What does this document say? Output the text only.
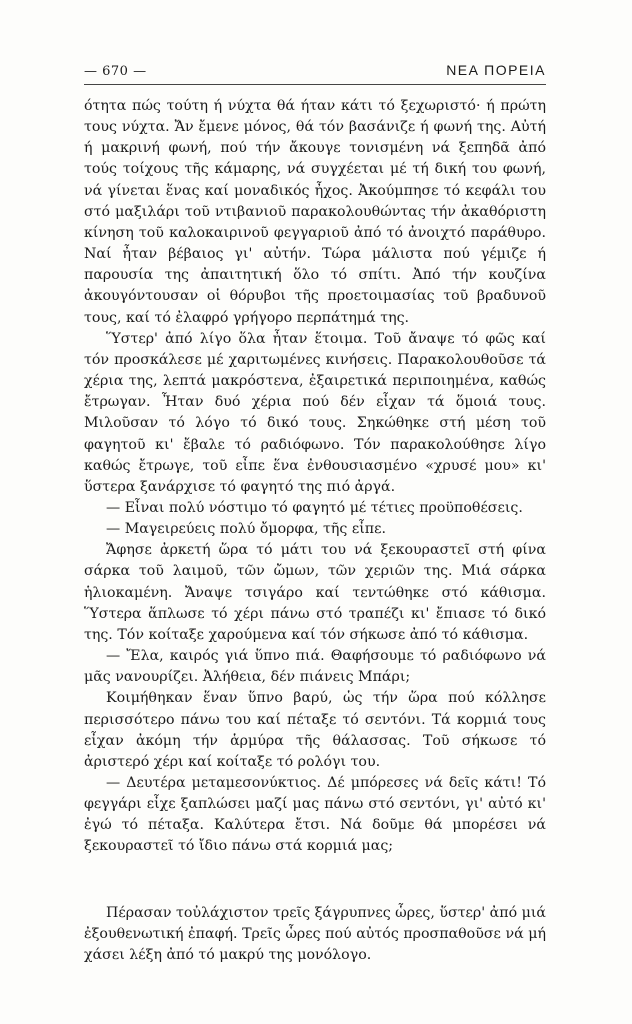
— 670 —	ΝΕΑ ΠΟΡΕΙΑ

ότητα πώς τούτη ή νύχτα θά ήταν κάτι τό ξεχωριστό· ή πρώτη τους νύχτα. Ἄν ἔμενε μόνος, θά τόν βασάνιζε ή φωνή της. Αὐτή ή μακρινή φωνή, πού τήν ἄκουγε τονισμένη νά ξεπηδᾶ ἀπό τούς τοίχους τῆς κάμαρης, νά συγχέεται μέ τή δική του φωνή, νά γίνεται ἕνας καί μοναδικός ἦχος. Ἀκούμπησε τό κεφάλι του στό μαξιλάρι τοῦ ντιβανιοῦ παρακολουθώντας τήν ἀκαθόριστη κίνηση τοῦ καλοκαιρινοῦ φεγγαριοῦ ἀπό τό ἀνοιχτό παράθυρο. Ναί ἦταν βέβαιος γι' αὐτήν. Τώρα μάλιστα πού γέμιζε ή παρουσία της ἀπαιτητική ὅλο τό σπίτι. Ἀπό τήν κουζίνα ἀκουγόντουσαν οἱ θόρυβοι τῆς προετοιμασίας τοῦ βραδυνοῦ τους, καί τό ἐλαφρό γρήγορο περπάτημά της.

Ὕστερ' ἀπό λίγο ὅλα ἦταν ἕτοιμα. Τοῦ ἄναψε τό φῶς καί τόν προσκάλεσε μέ χαριτωμένες κινήσεις. Παρακολουθοῦσε τά χέρια της, λεπτά μακρόστενα, ἐξαιρετικά περιποιημένα, καθώς ἔτρωγαν. Ἦταν δυό χέρια πού δέν εἶχαν τά ὅμοιά τους. Μιλοῦσαν τό λόγο τό δικό τους. Σηκώθηκε στή μέση τοῦ φαγητοῦ κι' ἔβαλε τό ραδιόφωνο. Τόν παρακολούθησε λίγο καθώς ἔτρωγε, τοῦ εἶπε ἕνα ἐνθουσιασμένο «χρυσέ μου» κι' ὕστερα ξανάρχισε τό φαγητό της πιό ἀργά.

— Εἶναι πολύ νόστιμο τό φαγητό μέ τέτιες προϋποθέσεις.

— Μαγειρεύεις πολύ ὄμορφα, τῆς εἶπε.

Ἄφησε ἀρκετή ὥρα τό μάτι του νά ξεκουραστεῖ στή φίνα σάρκα τοῦ λαιμοῦ, τῶν ὤμων, τῶν χεριῶν της. Μιά σάρκα ἡλιοκαμένη. Ἄναψε τσιγάρο καί τεντώθηκε στό κάθισμα. Ὕστερα ἅπλωσε τό χέρι πάνω στό τραπέζι κι' ἔπιασε τό δικό της. Τόν κοίταξε χαρούμενα καί τόν σήκωσε ἀπό τό κάθισμα.

— Ἔλα, καιρός γιά ὕπνο πιά. Θαφήσουμε τό ραδιόφωνο νά μᾶς νανουρίζει. Ἀλήθεια, δέν πιάνεις Μπάρι;

Κοιμήθηκαν ἕναν ὕπνο βαρύ, ὡς τήν ὥρα πού κόλλησε περισσότερο πάνω του καί πέταξε τό σεντόνι. Τά κορμιά τους εἶχαν ἀκόμη τήν ἁρμύρα τῆς θάλασσας. Τοῦ σήκωσε τό ἀριστερό χέρι καί κοίταξε τό ρολόγι του.

— Δευτέρα μεταμεσονύκτιος. Δέ μπόρεσες νά δεῖς κάτι! Τό φεγγάρι εἶχε ξαπλώσει μαζί μας πάνω στό σεντόνι, γι' αὐτό κι' ἐγώ τό πέταξα. Καλύτερα ἔτσι. Νά δοῦμε θά μπορέσει νά ξεκουραστεῖ τό ἴδιο πάνω στά κορμιά μας;

Πέρασαν τοὐλάχιστον τρεῖς ξάγρυπνες ὧρες, ὕστερ' ἀπό μιά ἐξουθενωτική ἐπαφή. Τρεῖς ὧρες πού αὐτός προσπαθοῦσε νά μή χάσει λέξη ἀπό τό μακρύ της μονόλογο.
